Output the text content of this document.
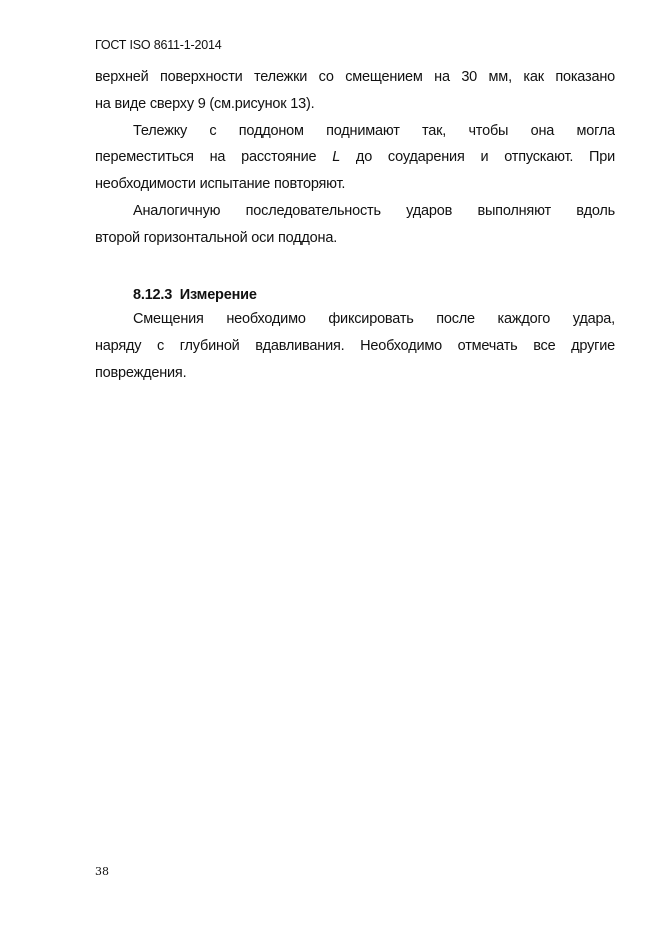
ГОСТ ISO 8611-1-2014
верхней поверхности тележки со смещением на 30 мм, как показано
на виде сверху 9 (см.рисунок 13).
Тележку с поддоном поднимают так, чтобы она могла
переместиться на расстояние L до соударения и отпускают. При
необходимости испытание повторяют.
Аналогичную последовательность ударов выполняют вдоль
второй горизонтальной оси поддона.
8.12.3 Измерение
Смещения необходимо фиксировать после каждого удара,
наряду с глубиной вдавливания. Необходимо отмечать все другие
повреждения.
38
